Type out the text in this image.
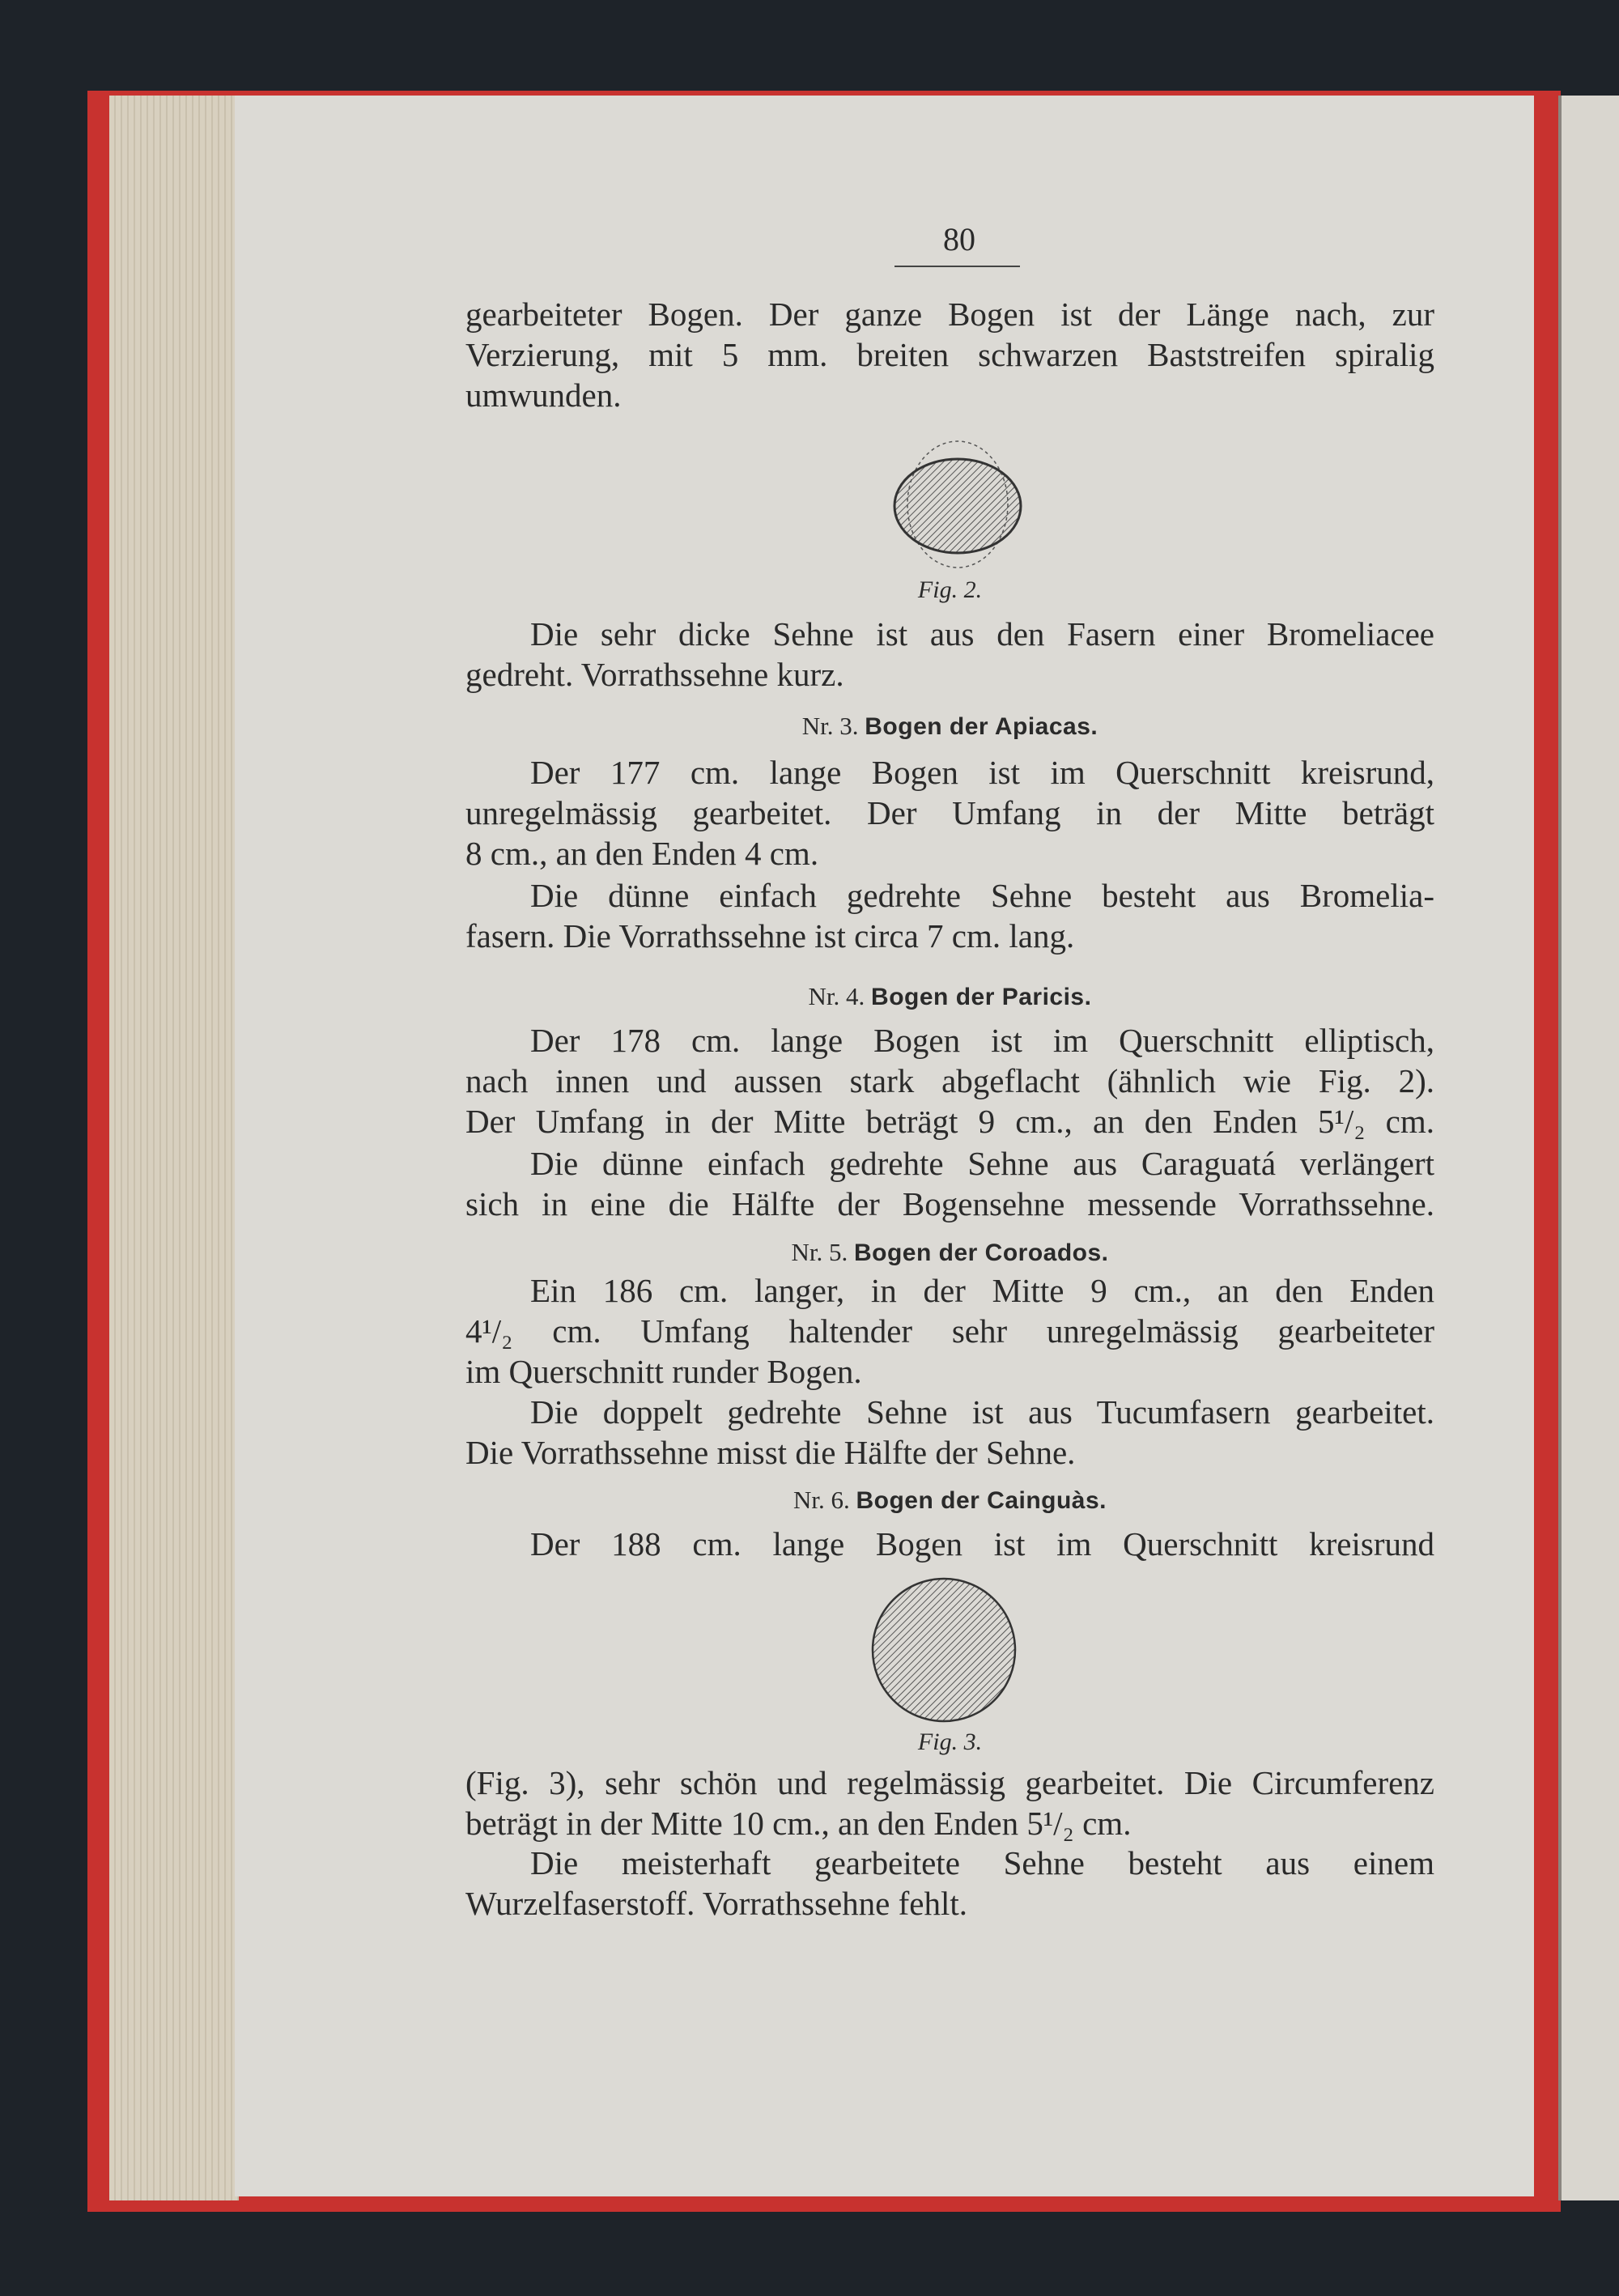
80
gearbeiteter Bogen. Der ganze Bogen ist der Länge nach, zur
Verzierung, mit 5 mm. breiten schwarzen Baststreifen spiralig
umwunden.
Fig. 2.
Die sehr dicke Sehne ist aus den Fasern einer Bromeliacee
gedreht. Vorrathssehne kurz.
Nr. 3. Bogen der Apiacas.
Der 177 cm. lange Bogen ist im Querschnitt kreisrund,
unregelmässig gearbeitet. Der Umfang in der Mitte beträgt
8 cm., an den Enden 4 cm.
Die dünne einfach gedrehte Sehne besteht aus Bromelia-
fasern. Die Vorrathssehne ist circa 7 cm. lang.
Nr. 4. Bogen der Paricis.
Der 178 cm. lange Bogen ist im Querschnitt elliptisch,
nach innen und aussen stark abgeflacht (ähnlich wie Fig. 2).
Der Umfang in der Mitte beträgt 9 cm., an den Enden 5¹/₂ cm.
Die dünne einfach gedrehte Sehne aus Caraguatá verlängert
sich in eine die Hälfte der Bogensehne messende Vorrathssehne.
Nr. 5. Bogen der Coroados.
Ein 186 cm. langer, in der Mitte 9 cm., an den Enden
4¹/₂ cm. Umfang haltender sehr unregelmässig gearbeiteter
im Querschnitt runder Bogen.
Die doppelt gedrehte Sehne ist aus Tucumfasern gearbeitet.
Die Vorrathssehne misst die Hälfte der Sehne.
Nr. 6. Bogen der Cainguàs.
Der 188 cm. lange Bogen ist im Querschnitt kreisrund
Fig. 3.
(Fig. 3), sehr schön und regelmässig gearbeitet. Die Circumferenz
beträgt in der Mitte 10 cm., an den Enden 5¹/₂ cm.
Die meisterhaft gearbeitete Sehne besteht aus einem
Wurzelfaserstoff. Vorrathssehne fehlt.
